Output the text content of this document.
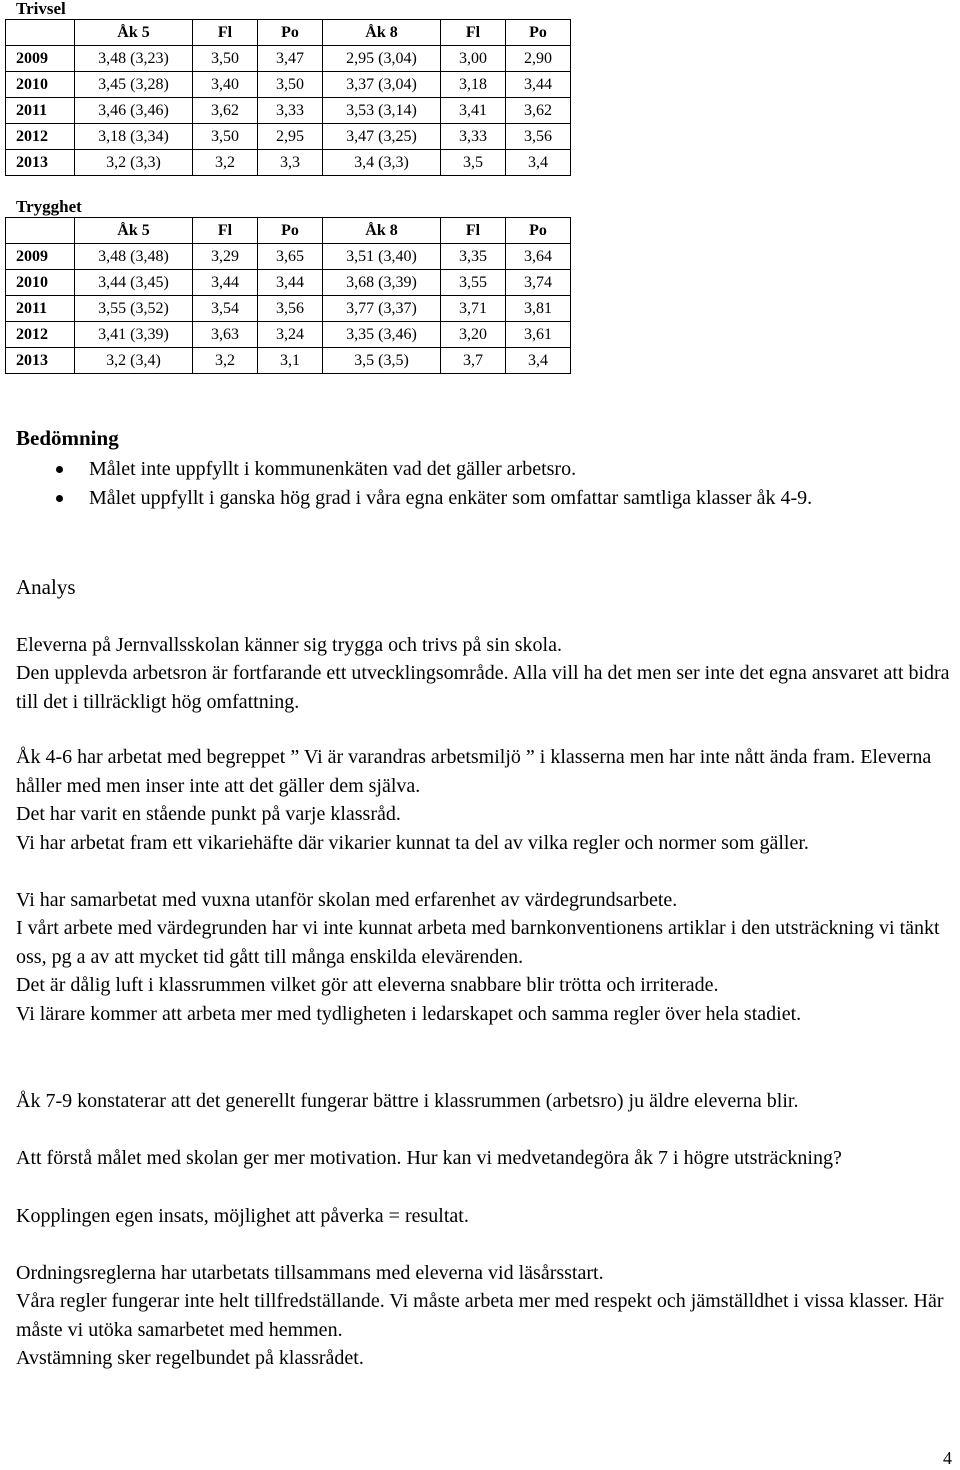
Trivsel

	Åk 5	Fl	Po	Åk 8	Fl	Po
2009	3,48 (3,23)	3,50	3,47	2,95 (3,04)	3,00	2,90
2010	3,45 (3,28)	3,40	3,50	3,37 (3,04)	3,18	3,44
2011	3,46 (3,46)	3,62	3,33	3,53 (3,14)	3,41	3,62
2012	3,18 (3,34)	3,50	2,95	3,47 (3,25)	3,33	3,56
2013	3,2 (3,3)	3,2	3,3	3,4 (3,3)	3,5	3,4

Trygghet

	Åk 5	Fl	Po	Åk 8	Fl	Po
2009	3,48 (3,48)	3,29	3,65	3,51 (3,40)	3,35	3,64
2010	3,44 (3,45)	3,44	3,44	3,68 (3,39)	3,55	3,74
2011	3,55 (3,52)	3,54	3,56	3,77 (3,37)	3,71	3,81
2012	3,41 (3,39)	3,63	3,24	3,35 (3,46)	3,20	3,61
2013	3,2 (3,4)	3,2	3,1	3,5 (3,5)	3,7	3,4
Bedömning
Målet inte uppfyllt i kommunenkäten vad det gäller arbetsro.
Målet uppfyllt i ganska hög grad i våra egna enkäter som omfattar samtliga klasser åk 4-9.
Analys

Eleverna på Jernvallsskolan känner sig trygga och trivs på sin skola.

Den upplevda arbetsron är fortfarande ett utvecklingsområde. Alla vill ha det men ser inte det egna ansvaret att bidra till det i tillräckligt hög omfattning.

Åk 4-6 har arbetat med begreppet ” Vi är varandras arbetsmiljö ” i klasserna men har inte nått ända fram. Eleverna håller med men inser inte att det gäller dem själva.

Det har varit en stående punkt på varje klassråd.

Vi har arbetat fram ett vikariehäfte där vikarier kunnat ta del av vilka regler och normer som gäller.

Vi har samarbetat med vuxna utanför skolan med erfarenhet av värdegrundsarbete.

I vårt arbete med värdegrunden har vi inte kunnat arbeta med barnkonventionens artiklar i den utsträckning vi tänkt oss, pg a av att mycket tid gått till många enskilda elevärenden.

Det är dålig luft i klassrummen vilket gör att eleverna snabbare blir trötta och irriterade.

Vi lärare kommer att arbeta mer med tydligheten i ledarskapet och samma regler över hela stadiet.

Åk 7-9 konstaterar att det generellt fungerar bättre i klassrummen (arbetsro) ju äldre eleverna blir.

Att förstå målet med skolan ger mer motivation. Hur kan vi medvetandegöra åk 7 i högre utsträckning?

Kopplingen egen insats, möjlighet att påverka = resultat.

Ordningsreglerna har utarbetats tillsammans med eleverna vid läsårsstart.

Våra regler fungerar inte helt tillfredställande. Vi måste arbeta mer med respekt och jämställdhet i vissa klasser. Här måste vi utöka samarbetet med hemmen.

Avstämning sker regelbundet på klassrådet.

4
